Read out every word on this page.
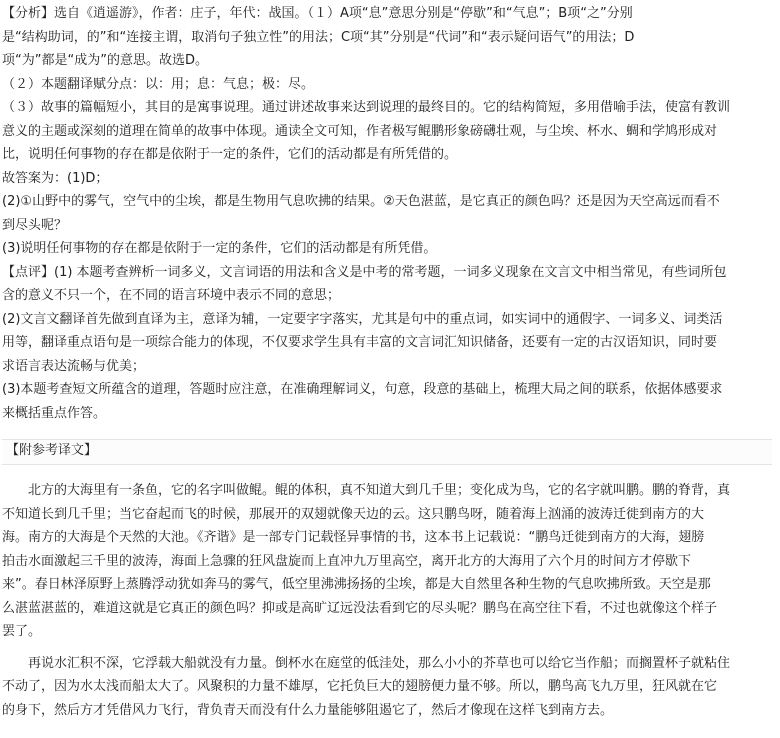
【分析】选自《逍遥游》，作者：庄子，年代：战国。（１）A项“息”意思分别是“停歇”和“气息”；B项“之”分别
是“结构助词，的”和“连接主谓，取消句子独立性”的用法；C项“其”分别是“代词”和“表示疑问语气”的用法；D
项“为”都是“成为”的意思。故选D。
（２）本题翻译赋分点：以：用；息：气息；极：尽。
（３）故事的篇幅短小，其目的是寓事说理。通过讲述故事来达到说理的最终目的。它的结构简短，多用借喻手法，使富有教训
意义的主题或深刻的道理在简单的故事中体现。通读全文可知，作者极写鲲鹏形象磅礴壮观，与尘埃、杯水、蜩和学鸠形成对
比，说明任何事物的存在都是依附于一定的条件，它们的活动都是有所凭借的。
故答案为：(1)D；
(2)①山野中的雾气，空气中的尘埃，都是生物用气息吹拂的结果。②天色湛蓝，是它真正的颜色吗？还是因为天空高远而看不
到尽头呢？
(3)说明任何事物的存在都是依附于一定的条件，它们的活动都是有所凭借。
【点评】(1) 本题考查辨析一词多义，文言词语的用法和含义是中考的常考题，一词多义现象在文言文中相当常见，有些词所包
含的意义不只一个，在不同的语言环境中表示不同的意思；
(2)文言文翻译首先做到直译为主，意译为辅，一定要字字落实，尤其是句中的重点词，如实词中的通假字、一词多义、词类活
用等，翻译重点语句是一项综合能力的体现，不仅要求学生具有丰富的文言词汇知识储备，还要有一定的古汉语知识，同时要
求语言表达流畅与优美；
(3)本题考查短文所蕴含的道理，答题时应注意，在准确理解词义，句意，段意的基础上，梳理大局之间的联系，依据体感要求
来概括重点作答。
【附参考译文】
北方的大海里有一条鱼，它的名字叫做鲲。鲲的体积，真不知道大到几千里；变化成为鸟，它的名字就叫鹏。鹏的脊背，真
不知道长到几千里；当它奋起而飞的时候，那展开的双翅就像天边的云。这只鹏鸟呀，随着海上汹涌的波涛迁徙到南方的大
海。南方的大海是个天然的大池。《齐谐》是一部专门记载怪异事情的书，这本书上记载说：“鹏鸟迁徙到南方的大海，翅膀
拍击水面激起三千里的波涛，海面上急骤的狂风盘旋而上直冲九万里高空，离开北方的大海用了六个月的时间方才停歇下
来”。春日林泽原野上蒸腾浮动犹如奔马的雾气，低空里沸沸扬扬的尘埃，都是大自然里各种生物的气息吹拂所致。天空是那
么湛蓝湛蓝的，难道这就是它真正的颜色吗？抑或是高旷辽远没法看到它的尽头呢？鹏鸟在高空往下看，不过也就像这个样子
罢了。
再说水汇积不深，它浮载大船就没有力量。倒杯水在庭堂的低洼处，那么小小的芥草也可以给它当作船；而搁置杯子就粘住
不动了，因为水太浅而船太大了。风聚积的力量不雄厚，它托负巨大的翅膀便力量不够。所以，鹏鸟高飞九万里，狂风就在它
的身下，然后方才凭借风力飞行，背负青天而没有什么力量能够阻遏它了，然后才像现在这样飞到南方去。
